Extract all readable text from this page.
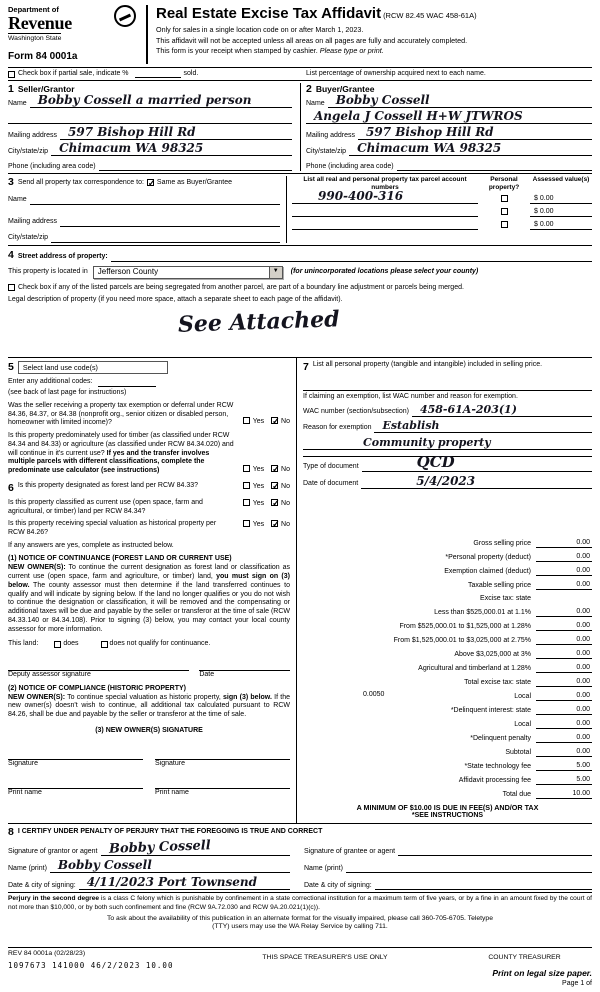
Department of
Revenue
Washington State
Form 84 0001a
Real Estate Excise Tax Affidavit (RCW 82.45 WAC 458-61A)
Only for sales in a single location code on or after March 1, 2023.
This affidavit will not be accepted unless all areas on all pages are fully and accurately completed.
This form is your receipt when stamped by cashier. Please type or print.
Check box if partial sale, indicate %	sold.	List percentage of ownership acquired next to each name.
1 Seller/Grantor
Name Bobby Cossell a married person
Mailing address 597 Bishop Hill Rd
City/state/zip Chimacum WA 98325
Phone (including area code)
2 Buyer/Grantee
Name Bobby Cossell
Angela J Cossell H+W JTWROS
Mailing address 597 Bishop Hill Rd
City/state/zip Chimacum WA 98325
Phone (including area code)
3 Send all property tax correspondence to: ✓ Same as Buyer/Grantee
Name
Mailing address
City/state/zip
List all real and personal property tax parcel account numbers
Personal property?
Assessed value(s)
990-400-316	$ 0.00
$ 0.00
$ 0.00
4 Street address of property:
This property is located in	Jefferson County	▼	(for unincorporated locations please select your county)
Check box if any of the listed parcels are being segregated from another parcel, are part of a boundary line adjustment or parcels being merged.
Legal description of property (if you need more space, attach a separate sheet to each page of the affidavit).
See Attached
5	Select land use code(s)
Enter any additional codes:
(see back of last page for instructions)
Was the seller receiving a property tax exemption or deferral under RCW 84.36, 84.37, or 84.38 (nonprofit org., senior citizen or disabled person, homeowner with limited income)?	Yes ✓ No
Is this property predominately used for timber (as classified under RCW 84.34 and 84.33) or agriculture (as classified under RCW 84.34.020) and will continue in it's current use? If yes and the transfer involves multiple parcels with different classifications, complete the predominate use calculator (see instructions)	Yes ✓ No
6 Is this property designated as forest land per RCW 84.33?	Yes ✓ No
Is this property classified as current use (open space, farm and agricultural, or timber) land per RCW 84.34?
Yes ✓ No
Is this property receiving special valuation as historical property per RCW 84.26?
Yes ✓ No
If any answers are yes, complete as instructed below.
(1) NOTICE OF CONTINUANCE (FOREST LAND OR CURRENT USE)
NEW OWNER(S): To continue the current designation as forest land or classification as current use (open space, farm and agriculture, or timber) land, you must sign on (3) below. The county assessor must then determine if the land transferred continues to qualify and will indicate by signing below. If the land no longer qualifies or you do not wish to continue the designation or classification, it will be removed and the compensating or additional taxes will be due and payable by the seller or transferor at the time of sale (RCW 84.33.140 or 84.34.108). Prior to signing (3) below, you may contact your local county assessor for more information.
This land:	does	does not qualify for continuance.
Deputy assessor signature	Date
(2) NOTICE OF COMPLIANCE (HISTORIC PROPERTY)
NEW OWNER(S): To continue special valuation as historic property, sign (3) below. If the new owner(s) doesn't wish to continue, all additional tax calculated pursuant to RCW 84.26, shall be due and payable by the seller or transferor at the time of sale.
(3) NEW OWNER(S) SIGNATURE
Signature	Signature
Print name	Print name
7 List all personal property (tangible and intangible) included in selling price.
If claiming an exemption, list WAC number and reason for exemption.
WAC number (section/subsection) 458-61A-203(1)
Reason for exemption Establish
Community property
Type of document	QCD
Date of document	5/4/2023
Gross selling price	0.00
*Personal property (deduct)	0.00
Exemption claimed (deduct)	0.00
Taxable selling price	0.00
Excise tax: state
Less than $525,000.01 at 1.1%	0.00
From $525,000.01 to $1,525,000 at 1.28%	0.00
From $1,525,000.01 to $3,025,000 at 2.75%	0.00
Above $3,025,000 at 3%	0.00
Agricultural and timberland at 1.28%	0.00
Total excise tax: state	0.00
0.0050	Local	0.00
*Delinquent interest: state	0.00
Local	0.00
*Delinquent penalty	0.00
Subtotal	0.00
*State technology fee	5.00
Affidavit processing fee	5.00
Total due	10.00
A MINIMUM OF $10.00 IS DUE IN FEE(S) AND/OR TAX
*SEE INSTRUCTIONS
8 I CERTIFY UNDER PENALTY OF PERJURY THAT THE FOREGOING IS TRUE AND CORRECT
Signature of grantor or agent Bobby Cossell
Name (print) Bobby Cossell
Date & city of signing: 4/11/2023 Port Townsend
Signature of grantee or agent
Name (print)
Date & city of signing:
Perjury in the second degree is a class C felony which is punishable by confinement in a state correctional institution for a maximum term of five years, or by a fine in an amount fixed by the court of not more than $10,000, or by both such confinement and fine (RCW 9A.72.030 and RCW 9A.20.021(1)(c)).
To ask about the availability of this publication in an alternate format for the visually impaired, please call 360-705-6705. Teletype
(TTY) users may use the WA Relay Service by calling 711.
REV 84 0001a (02/28/23)
1097673 141000 46/2/2023 10.00
THIS SPACE TREASURER'S USE ONLY	COUNTY TREASURER
Print on legal size paper.
Page 1 of
